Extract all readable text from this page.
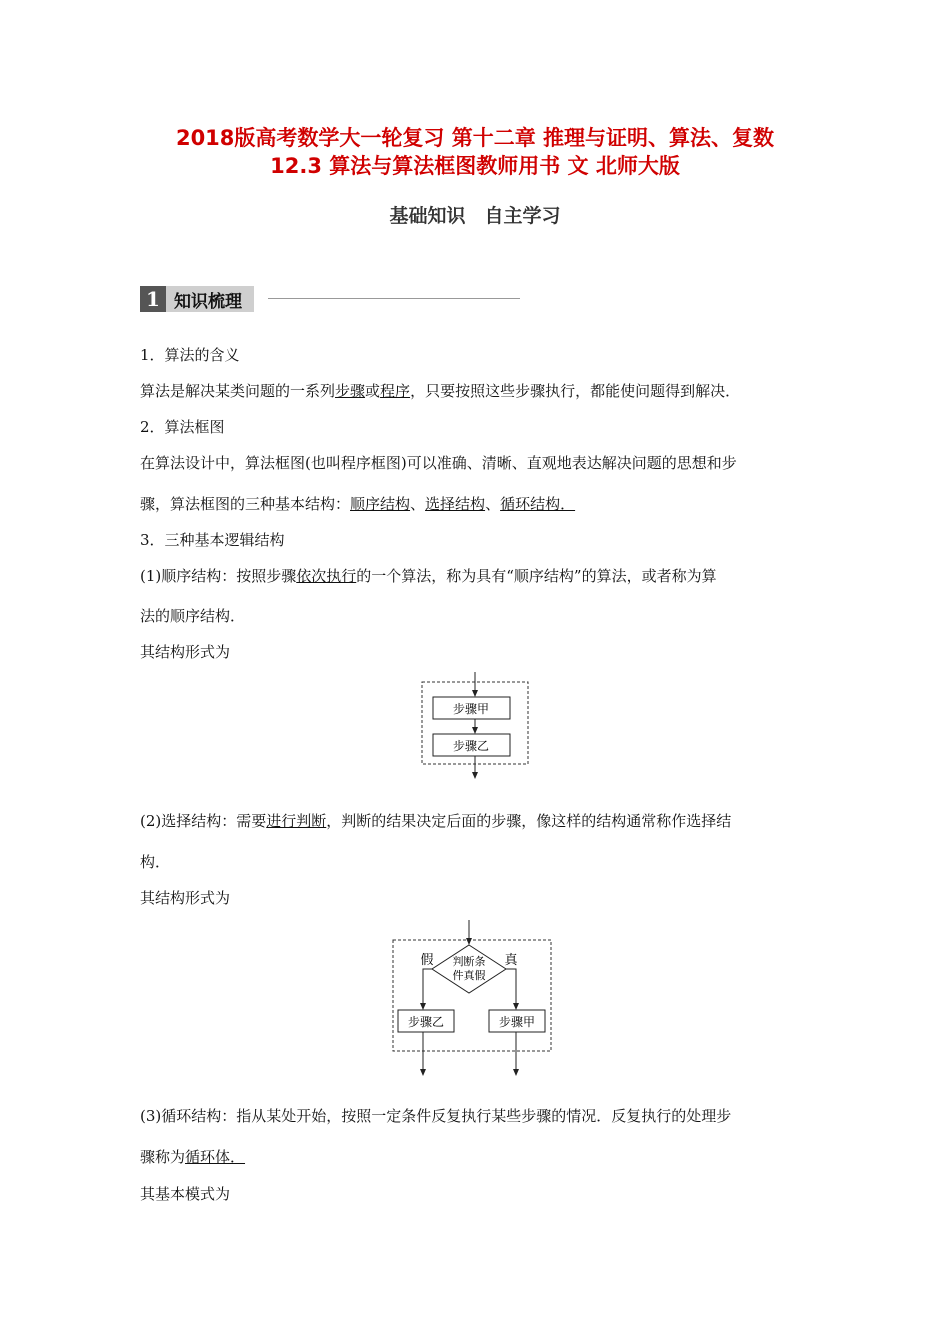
2018版高考数学大一轮复习 第十二章 推理与证明、算法、复数
12.3 算法与算法框图教师用书 文 北师大版
基础知识　自主学习
1 知识梳理
1．算法的含义
算法是解决某类问题的一系列步骤或程序，只要按照这些步骤执行，都能使问题得到解决．
2．算法框图
在算法设计中，算法框图(也叫程序框图)可以准确、清晰、直观地表达解决问题的思想和步
骤，算法框图的三种基本结构：顺序结构、选择结构、循环结构．
3．三种基本逻辑结构
(1)顺序结构：按照步骤依次执行的一个算法，称为具有“顺序结构”的算法，或者称为算
法的顺序结构．
其结构形式为
步骤甲
步骤乙
(2)选择结构：需要进行判断，判断的结果决定后面的步骤，像这样的结构通常称作选择结
构．
其结构形式为
判断条
件真假
假	真
步骤乙	步骤甲
(3)循环结构：指从某处开始，按照一定条件反复执行某些步骤的情况．反复执行的处理步
骤称为循环体．
其基本模式为
